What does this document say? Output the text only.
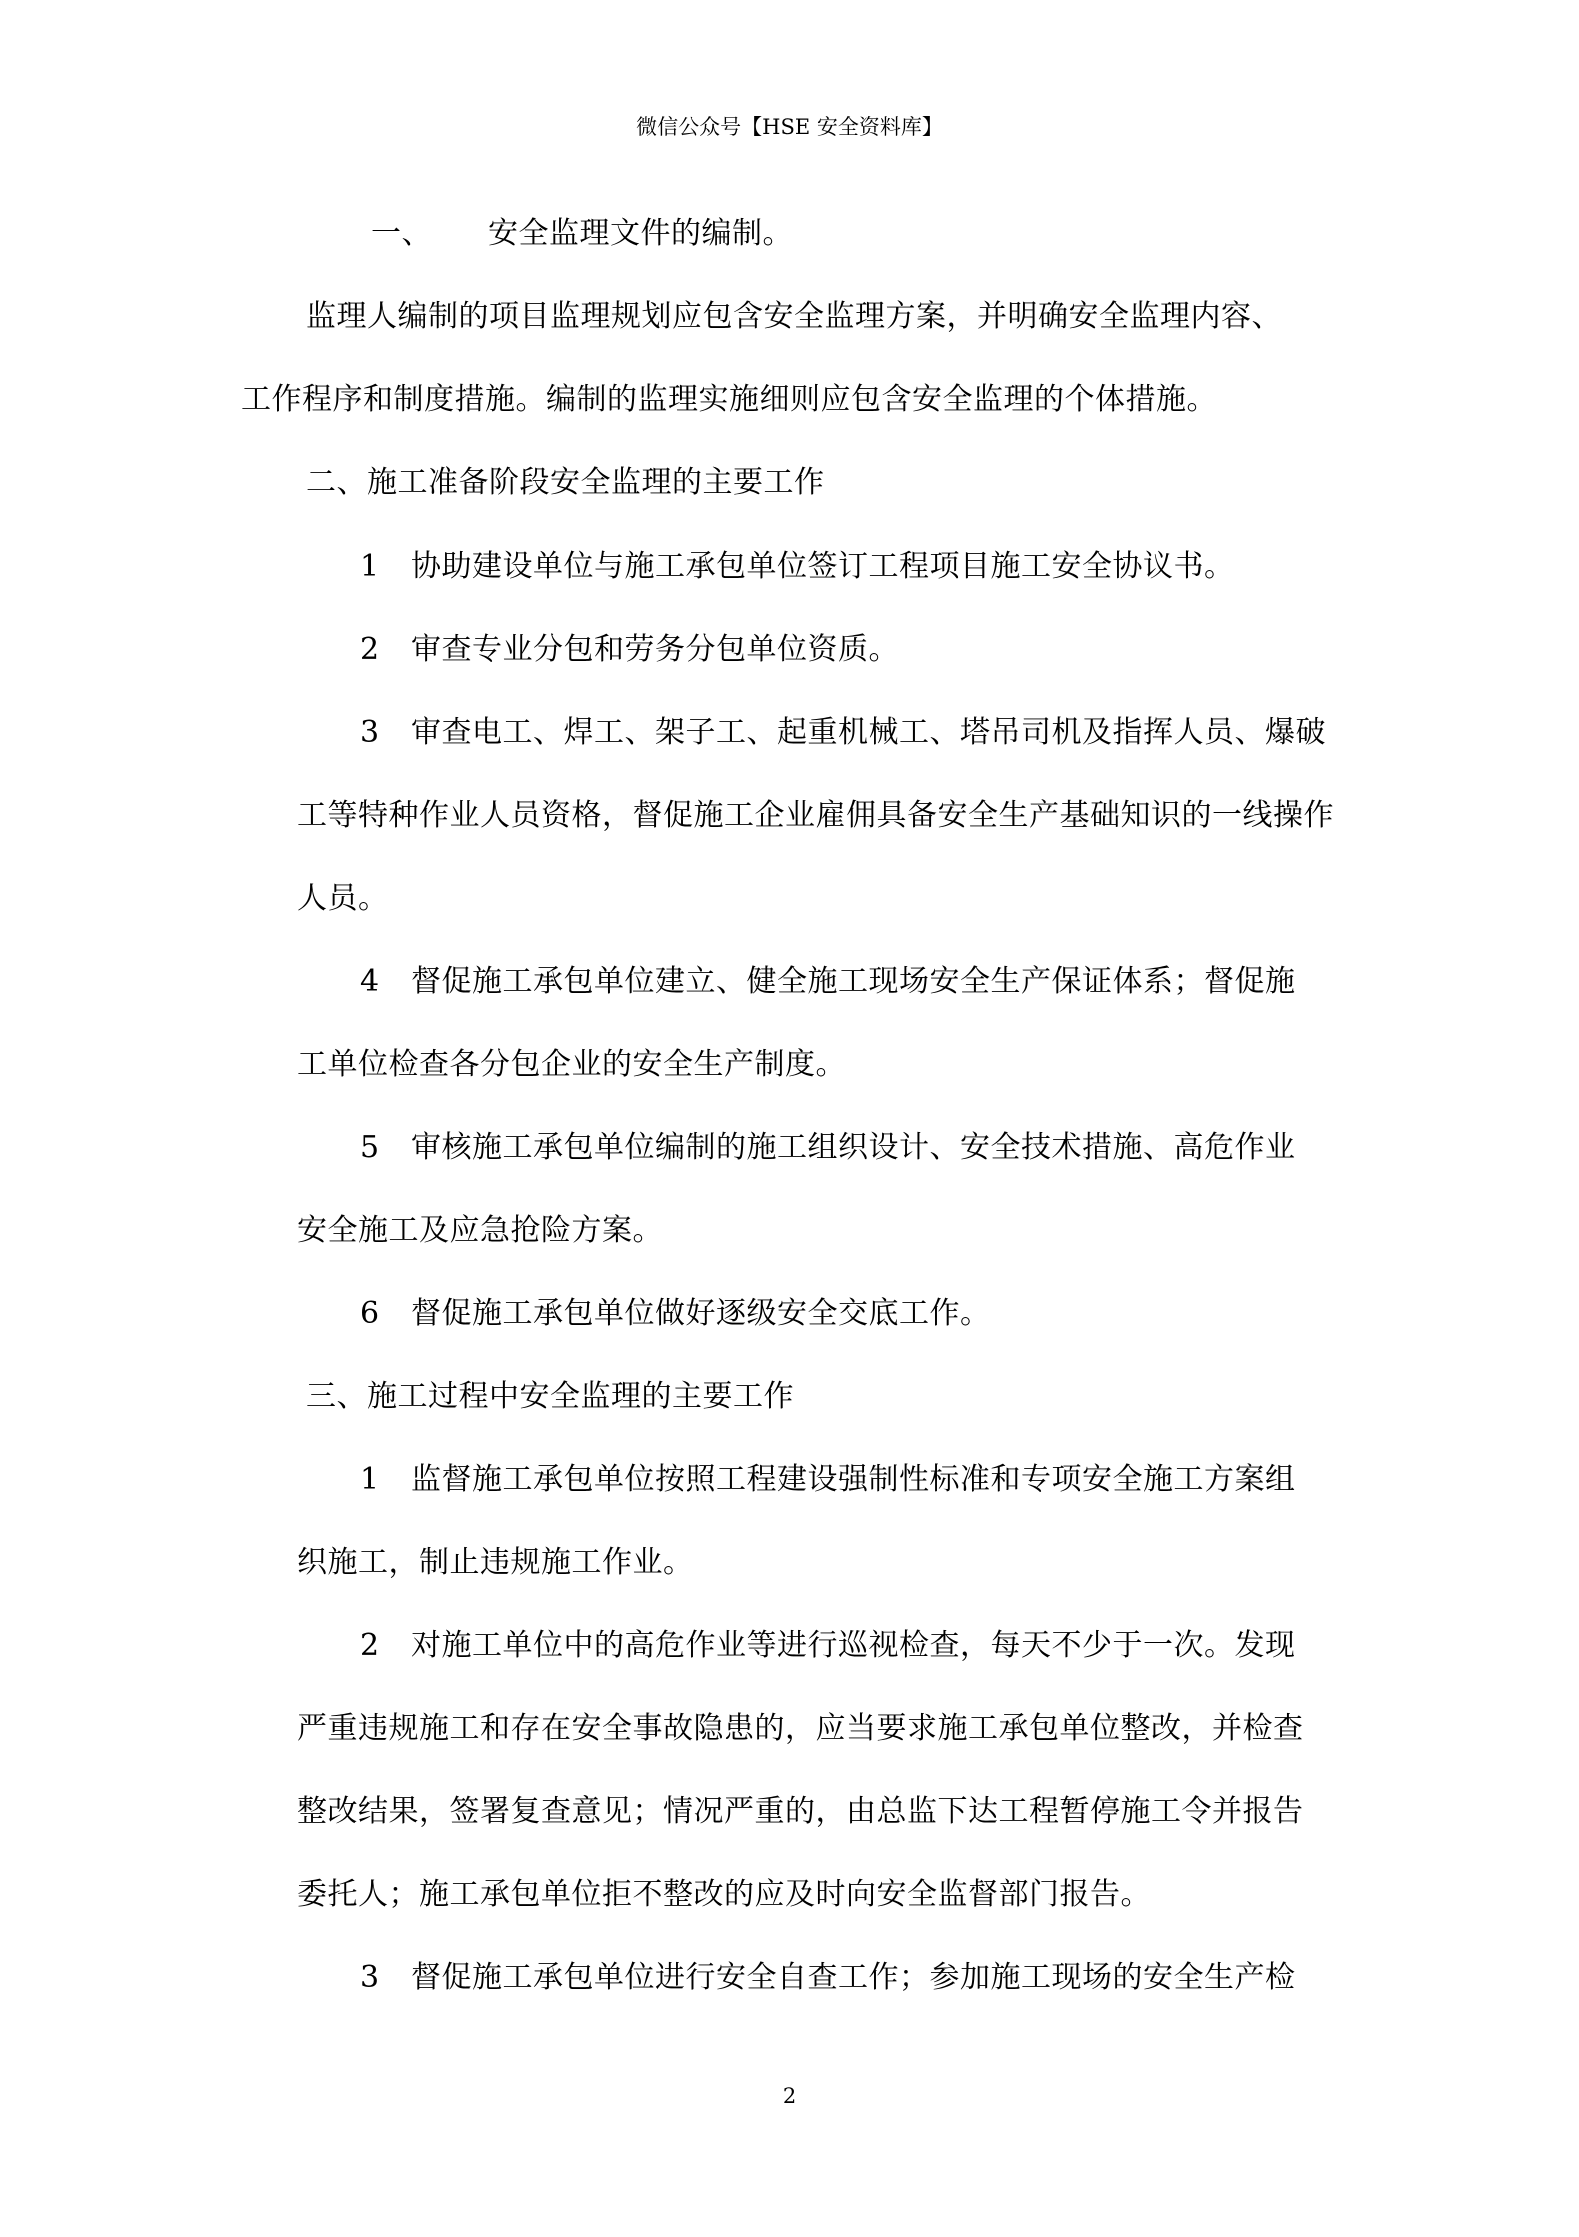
微信公众号【HSE 安全资料库】
一、 安全监理文件的编制。
监理人编制的项目监理规划应包含安全监理方案，并明确安全监理内容、
工作程序和制度措施。编制的监理实施细则应包含安全监理的个体措施。
二、施工准备阶段安全监理的主要工作
1 协助建设单位与施工承包单位签订工程项目施工安全协议书。
2 审查专业分包和劳务分包单位资质。
3 审查电工、焊工、架子工、起重机械工、塔吊司机及指挥人员、爆破
工等特种作业人员资格，督促施工企业雇佣具备安全生产基础知识的一线操作
人员。
4 督促施工承包单位建立、健全施工现场安全生产保证体系；督促施
工单位检查各分包企业的安全生产制度。
5 审核施工承包单位编制的施工组织设计、安全技术措施、高危作业
安全施工及应急抢险方案。
6 督促施工承包单位做好逐级安全交底工作。
三、施工过程中安全监理的主要工作
1 监督施工承包单位按照工程建设强制性标准和专项安全施工方案组
织施工，制止违规施工作业。
2 对施工单位中的高危作业等进行巡视检查，每天不少于一次。发现
严重违规施工和存在安全事故隐患的，应当要求施工承包单位整改，并检查
整改结果，签署复查意见；情况严重的，由总监下达工程暂停施工令并报告
委托人；施工承包单位拒不整改的应及时向安全监督部门报告。
3 督促施工承包单位进行安全自查工作；参加施工现场的安全生产检
2
